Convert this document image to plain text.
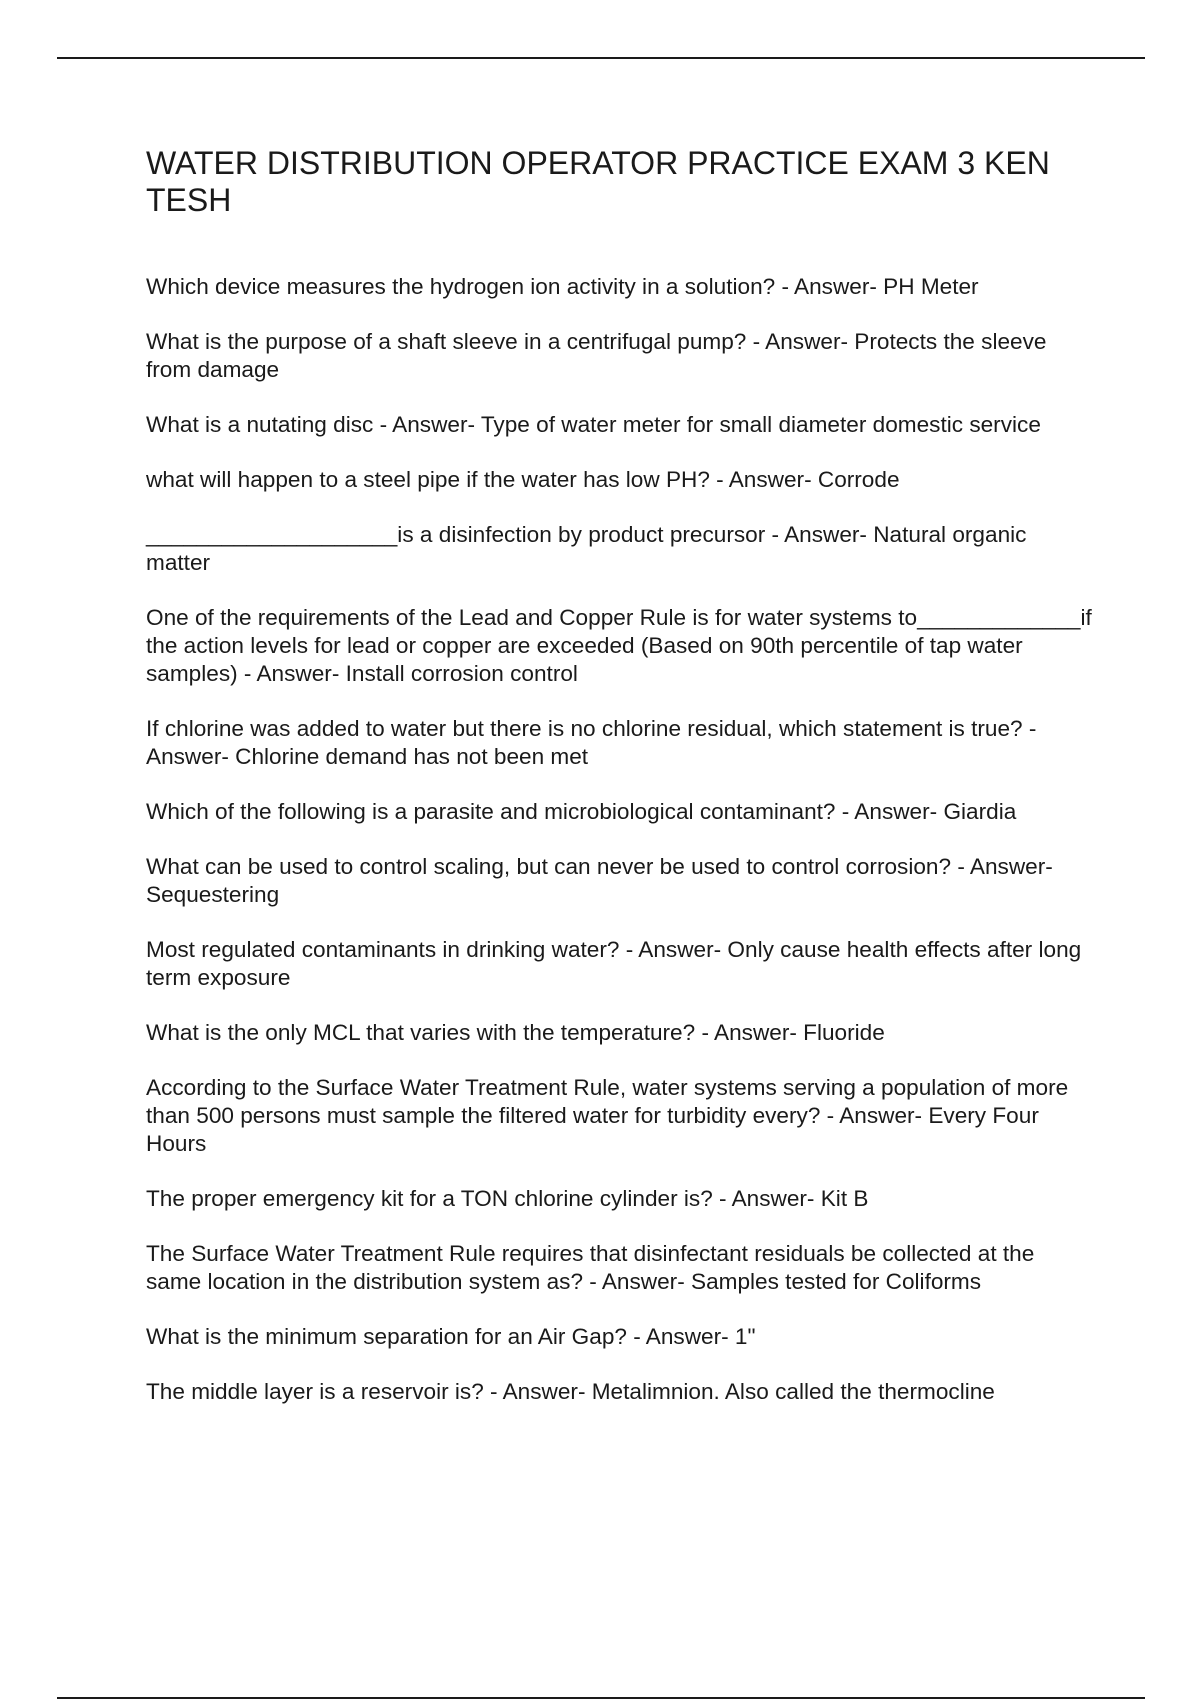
WATER DISTRIBUTION OPERATOR PRACTICE EXAM 3 KEN TESH
Which device measures the hydrogen ion activity in a solution? - Answer- PH Meter
What is the purpose of a shaft sleeve in a centrifugal pump? - Answer- Protects the sleeve from damage
What is a nutating disc - Answer- Type of water meter for small diameter domestic service
what will happen to a steel pipe if the water has low PH? - Answer- Corrode
____________________is a disinfection by product precursor - Answer- Natural organic matter
One of the requirements of the Lead and Copper Rule is for water systems to_____________if the action levels for lead or copper are exceeded (Based on 90th percentile of tap water samples) - Answer- Install corrosion control
If chlorine was added to water but there is no chlorine residual, which statement is true? - Answer- Chlorine demand has not been met
Which of the following is a parasite and microbiological contaminant? - Answer- Giardia
What can be used to control scaling, but can never be used to control corrosion? - Answer- Sequestering
Most regulated contaminants in drinking water? - Answer- Only cause health effects after long term exposure
What is the only MCL that varies with the temperature? - Answer- Fluoride
According to the Surface Water Treatment Rule, water systems serving a population of more than 500 persons must sample the filtered water for turbidity every? - Answer- Every Four Hours
The proper emergency kit for a TON chlorine cylinder is? - Answer- Kit B
The Surface Water Treatment Rule requires that disinfectant residuals be collected at the same location in the distribution system as? - Answer- Samples tested for Coliforms
What is the minimum separation for an Air Gap? - Answer- 1"
The middle layer is a reservoir is? - Answer- Metalimnion. Also called the thermocline
